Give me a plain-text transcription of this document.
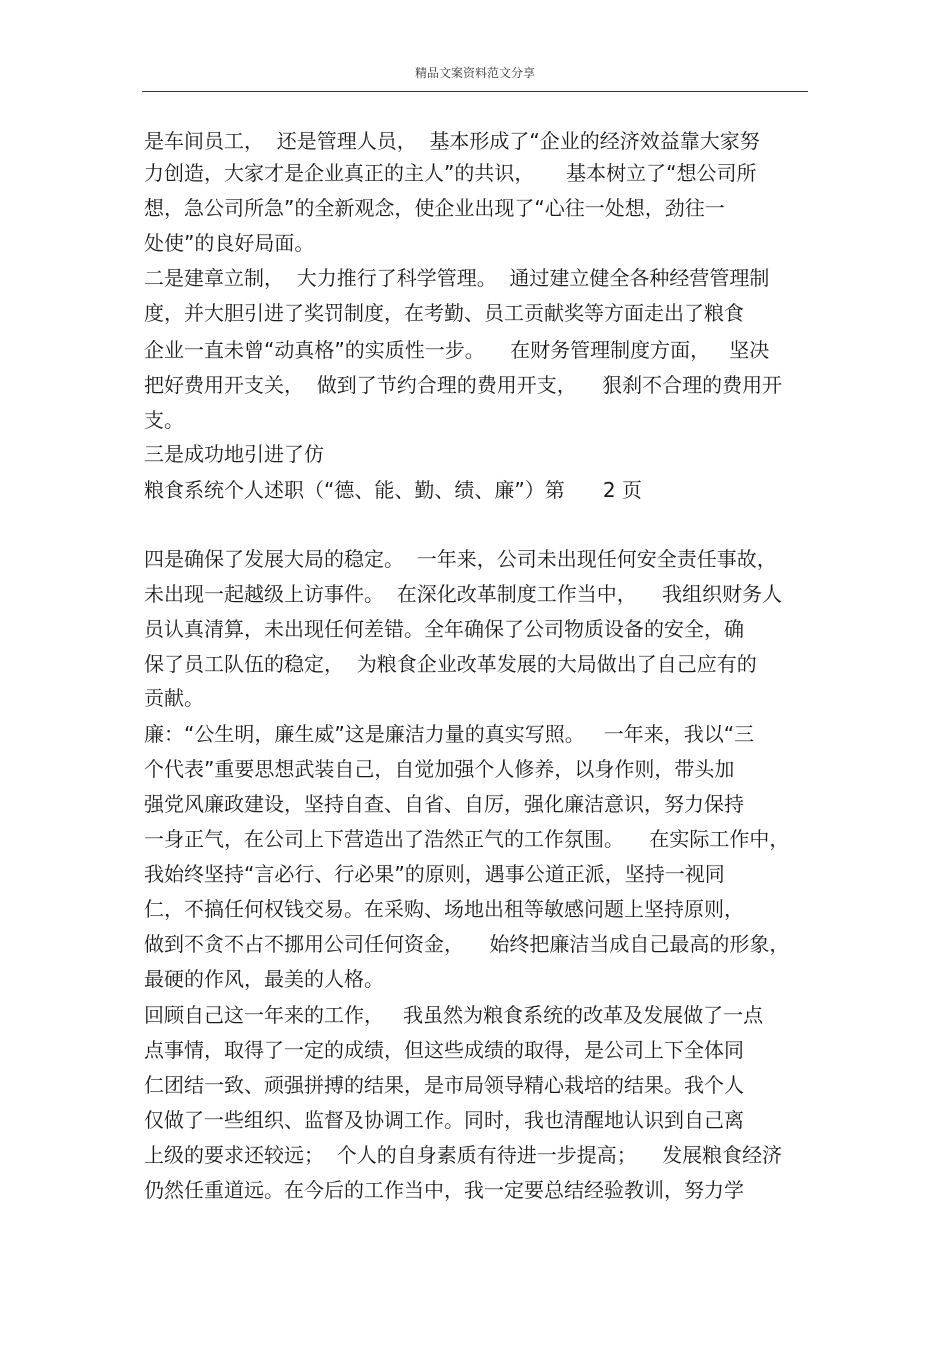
精品文案资料范文分享
是车间员工，  还是管理人员，  基本形成了“企业的经济效益靠大家努
力创造，大家才是企业真正的主人”的共识，     基本树立了“想公司所
想，急公司所急”的全新观念，使企业出现了“心往一处想，劲往一
处使”的良好局面。
二是建章立制，  大力推行了科学管理。  通过建立健全各种经营管理制
度，并大胆引进了奖罚制度，在考勤、员工贡献奖等方面走出了粮食
企业一直未曾“动真格”的实质性一步。    在财务管理制度方面，   坚决
把好费用开支关，  做到了节约合理的费用开支，    狠刹不合理的费用开
支。
三是成功地引进了仿
粮食系统个人述职（“德、能、勤、绩、廉”）第      2 页
四是确保了发展大局的稳定。  一年来，公司未出现任何安全责任事故，
未出现一起越级上访事件。  在深化改革制度工作当中，    我组织财务人
员认真清算，未出现任何差错。全年确保了公司物质设备的安全，确
保了员工队伍的稳定，  为粮食企业改革发展的大局做出了自己应有的
贡献。
廉：“公生明，廉生威”这是廉洁力量的真实写照。   一年来，我以“三
个代表”重要思想武装自己，自觉加强个人修养，以身作则，带头加
强党风廉政建设，坚持自查、自省、自厉，强化廉洁意识，努力保持
一身正气，在公司上下营造出了浩然正气的工作氛围。    在实际工作中，
我始终坚持“言必行、行必果”的原则，遇事公道正派，坚持一视同
仁，不搞任何权钱交易。在采购、场地出租等敏感问题上坚持原则，
做到不贪不占不挪用公司任何资金，    始终把廉洁当成自己最高的形象，
最硬的作风，最美的人格。
回顾自己这一年来的工作，   我虽然为粮食系统的改革及发展做了一点
点事情，取得了一定的成绩，但这些成绩的取得，是公司上下全体同
仁团结一致、顽强拼搏的结果，是市局领导精心栽培的结果。我个人
仅做了一些组织、监督及协调工作。同时，我也清醒地认识到自己离
上级的要求还较远；  个人的自身素质有待进一步提高；    发展粮食经济
仍然任重道远。在今后的工作当中，我一定要总结经验教训，努力学
